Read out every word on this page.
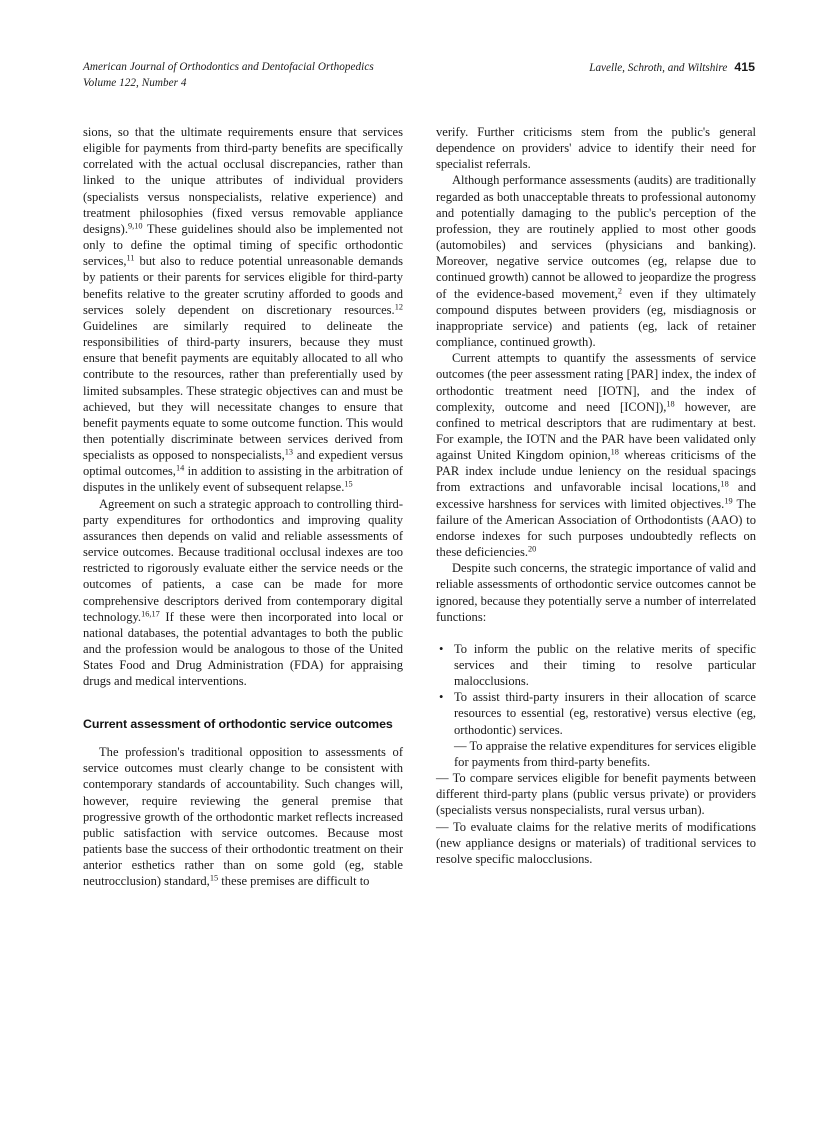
American Journal of Orthodontics and Dentofacial Orthopedics
Volume 122, Number 4
Lavelle, Schroth, and Wiltshire 415

sions, so that the ultimate requirements ensure that services eligible for payments from third-party benefits are specifically correlated with the actual occlusal discrepancies, rather than linked to the unique attributes of individual providers (specialists versus nonspecialists, relative experience) and treatment philosophies (fixed versus removable appliance designs).$^{9,10}$ These guidelines should also be implemented not only to define the optimal timing of specific orthodontic services,$^{11}$ but also to reduce potential unreasonable demands by patients or their parents for services eligible for third-party benefits relative to the greater scrutiny afforded to goods and services solely dependent on discretionary resources.$^{12}$ Guidelines are similarly required to delineate the responsibilities of third-party insurers, because they must ensure that benefit payments are equitably allocated to all who contribute to the resources, rather than preferentially used by limited subsamples. These strategic objectives can and must be achieved, but they will necessitate changes to ensure that benefit payments equate to some outcome function. This would then potentially discriminate between services derived from specialists as opposed to nonspecialists,$^{13}$ and expedient versus optimal outcomes,$^{14}$ in addition to assisting in the arbitration of disputes in the unlikely event of subsequent relapse.$^{15}$

Agreement on such a strategic approach to controlling third-party expenditures for orthodontics and improving quality assurances then depends on valid and reliable assessments of service outcomes. Because traditional occlusal indexes are too restricted to rigorously evaluate either the service needs or the outcomes of patients, a case can be made for more comprehensive descriptors derived from contemporary digital technology.$^{16,17}$ If these were then incorporated into local or national databases, the potential advantages to both the public and the profession would be analogous to those of the United States Food and Drug Administration (FDA) for appraising drugs and medical interventions.

Current assessment of orthodontic service outcomes

The profession's traditional opposition to assessments of service outcomes must clearly change to be consistent with contemporary standards of accountability. Such changes will, however, require reviewing the general premise that progressive growth of the orthodontic market reflects increased public satisfaction with service outcomes. Because most patients base the success of their orthodontic treatment on their anterior esthetics rather than on some gold (eg, stable neutrocclusion) standard,$^{15}$ these premises are difficult to

verify. Further criticisms stem from the public's general dependence on providers' advice to identify their need for specialist referrals.

Although performance assessments (audits) are traditionally regarded as both unacceptable threats to professional autonomy and potentially damaging to the public's perception of the profession, they are routinely applied to most other goods (automobiles) and services (physicians and banking). Moreover, negative service outcomes (eg, relapse due to continued growth) cannot be allowed to jeopardize the progress of the evidence-based movement,$^2$ even if they ultimately compound disputes between providers (eg, misdiagnosis or inappropriate service) and patients (eg, lack of retainer compliance, continued growth).

Current attempts to quantify the assessments of service outcomes (the peer assessment rating [PAR] index, the index of orthodontic treatment need [IOTN], and the index of complexity, outcome and need [ICON]),$^{18}$ however, are confined to metrical descriptors that are rudimentary at best. For example, the IOTN and the PAR have been validated only against United Kingdom opinion,$^{18}$ whereas criticisms of the PAR index include undue leniency on the residual spacings from extractions and unfavorable incisal locations,$^{18}$ and excessive harshness for services with limited objectives.$^{19}$ The failure of the American Association of Orthodontists (AAO) to endorse indexes for such purposes undoubtedly reflects on these deficiencies.$^{20}$

Despite such concerns, the strategic importance of valid and reliable assessments of orthodontic service outcomes cannot be ignored, because they potentially serve a number of interrelated functions:

• To inform the public on the relative merits of specific services and their timing to resolve particular malocclusions.
• To assist third-party insurers in their allocation of scarce resources to essential (eg, restorative) versus elective (eg, orthodontic) services.
— To appraise the relative expenditures for services eligible for payments from third-party benefits.
— To compare services eligible for benefit payments between different third-party plans (public versus private) or providers (specialists versus nonspecialists, rural versus urban).
— To evaluate claims for the relative merits of modifications (new appliance designs or materials) of traditional services to resolve specific malocclusions.
